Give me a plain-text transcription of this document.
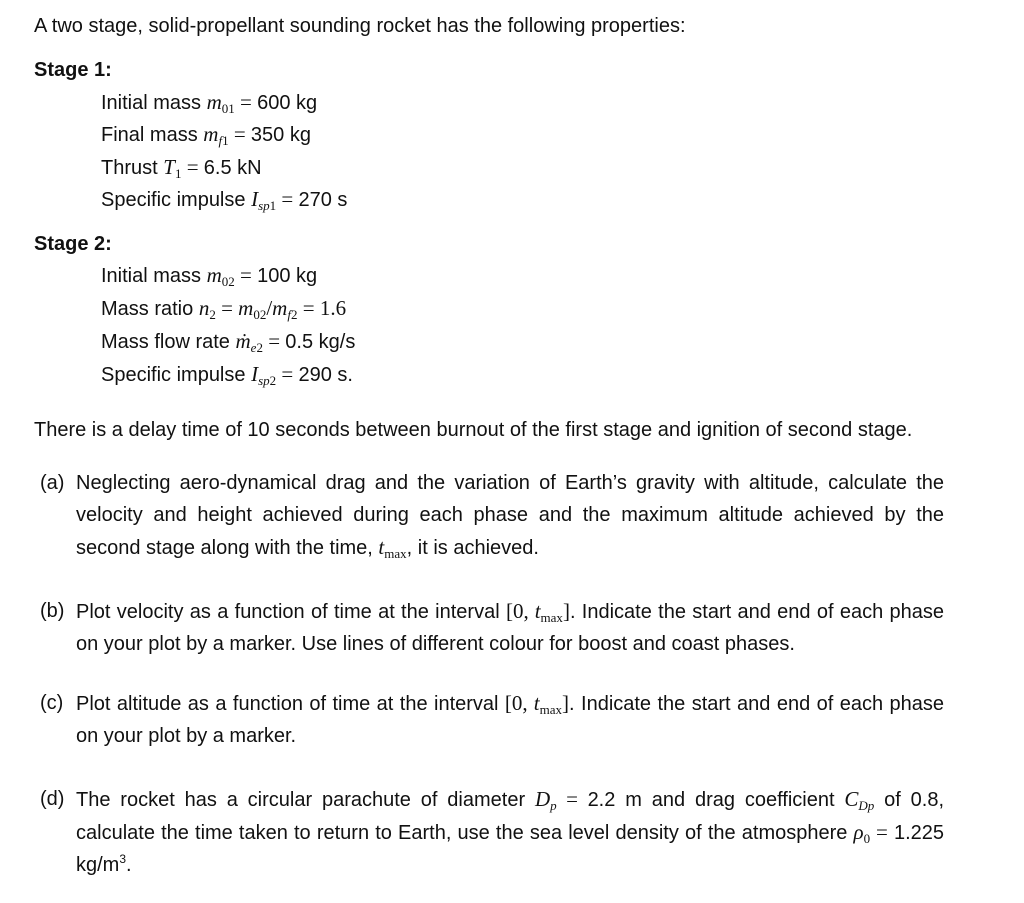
A two stage, solid-propellant sounding rocket has the following properties:
Stage 1:
Initial mass $m_{01} = 600$ kg
Final mass $m_{f1} = 350$ kg
Thrust $T_1 = 6.5$ kN
Specific impulse $I_{sp1} = 270$ s
Stage 2:
Initial mass $m_{02} = 100$ kg
Mass ratio $n_2 = m_{02}/m_{f2} = 1.6$
Mass flow rate ṁ$_{e2}$ = 0.5 kg/s
Specific impulse $I_{sp2} = 290$ s.
There is a delay time of 10 seconds between burnout of the first stage and ignition of second stage.
(a) Neglecting aero-dynamical drag and the variation of Earth’s gravity with altitude, calculate the velocity and height achieved during each phase and the maximum altitude achieved by the second stage along with the time, $t_{max}$, it is achieved.
(b) Plot velocity as a function of time at the interval [0, $t_{max}$]. Indicate the start and end of each phase on your plot by a marker. Use lines of different colour for boost and coast phases.
(c) Plot altitude as a function of time at the interval [0, $t_{max}$]. Indicate the start and end of each phase on your plot by a marker.
(d) The rocket has a circular parachute of diameter $D_p = 2.2$ m and drag coefficient $C_{Dp}$ of 0.8, calculate the time taken to return to Earth, use the sea level density of the atmosphere $\rho_0 = 1.225$ $kg/m^3$.
